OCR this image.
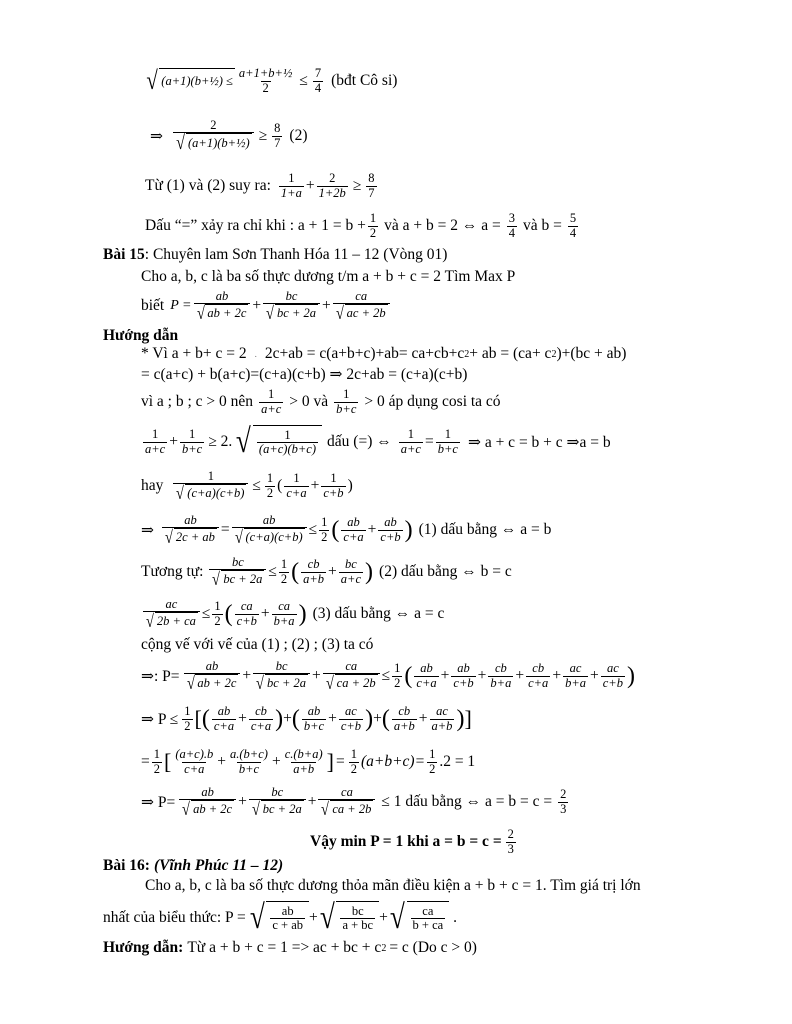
√ (a+1)(b+½) ≤ $\frac{\text{a+1+b+½}}{2} \le \frac{7}{4}$ (bđt Cô si)
⇒ $\frac{2}{\text{√ (a+1)(b+½)}} \ge \frac{8}{7} (2)$
Từ (1) và (2) suy ra: $\frac{1}{1+a} + \frac{2}{1+2b} \ge \frac{8}{7}$
Dấu “=” xảy ra chỉ khi : $a + 1 = b + \frac{1}{2}$ và a + b = 2 ⇔ $a = \frac{3}{4}$ và $b = \frac{5}{4}$
Bài 15 : Chuyên lam Sơn Thanh Hóa 11 – 12 (Vòng 01)
Cho a, b, c là ba số thực dương t/m a + b + c = 2 Tìm Max P
biết $P = \frac{ab}{√ ab + 2c} + \frac{bc}{√ bc + 2a} + \frac{ca}{√ ac + 2b}$
Hướng dẫn
* Vì a + b+ c = 2 . 2c+ab = c(a+b+c)+ab= ca+cb+c 2 + ab = (ca+ c 2 )+(bc + ab)
= c(a+c) + b(a+c)=(c+a)(c+b) ⇒ 2c+ab = (c+a)(c+b)
vì a ; b ; c > 0 nên $\frac{1}{a+c} > 0$ và $\frac{1}{b+c} > 0$ áp dụng cosi ta có
$\frac{1}{a+c} + \frac{1}{b+c} \ge 2$. √ $\frac{1}{(a+c)(b+c)}$ dấu (=) ⇔ $\frac{1}{a+c} = \frac{1}{b+c}$ ⇒ a + c = b + c ⇒a = b
hay $\frac{1}{√ (c+a)(c+b)} \le \frac{1}{2}$ ( $\frac{1}{c+a} + \frac{1}{c+b}$ )
⇒ $\frac{ab}{√ 2c + ab} = \frac{ab}{√ (c+a)(c+b)} \le \frac{1}{2}$ ( $\frac{ab}{c+a} + \frac{ab}{c+b}$ ) (1) dấu bằng ⇔ a = b
Tương tự: $\frac{bc}{√ bc + 2a} \le \frac{1}{2}$ ( $\frac{cb}{a+b} + \frac{bc}{a+c}$ ) (2) dấu bằng ⇔ b = c
$\frac{ac}{√ 2b + ca} \le \frac{1}{2}$ ( $\frac{ca}{c+b} + \frac{ca}{b+a}$ ) (3) dấu bằng ⇔ a = c
cộng vế với vế của (1) ; (2) ; (3) ta có
⇒: $P= \frac{ab}{√ ab + 2c} + \frac{bc}{√ bc + 2a} + \frac{ca}{√ ca + 2b} \le \frac{1}{2}$ ( $\frac{ab}{c+a} + \frac{ab}{c+b} + \frac{cb}{b+a} + \frac{cb}{c+a} + \frac{ac}{b+a} + \frac{ac}{c+b}$ )
⇒ $P \le \frac{1}{2}$ [ ( $\frac{ab}{c+a} + \frac{cb}{c+a}$ ) + ( $\frac{ab}{b+c} + \frac{ac}{c+b}$ ) + ( $\frac{cb}{a+b} + \frac{ac}{a+b}$ ) ]
= $\frac{1}{2}$ [ $\frac{(a+c).b}{c+a} + \frac{a.(b+c)}{b+c} + \frac{c.(b+a)}{a+b}$ ] = $\frac{1}{2} (a+b+c)= \frac{1}{2} .2 = 1$
⇒ $P= \frac{ab}{√ ab + 2c} + \frac{bc}{√ bc + 2a} + \frac{ca}{√ ca + 2b} \le 1$ dấu bằng ⇔ $a = b = c = \frac{2}{3}$
Vậy min P = 1 khi $a = b = c = \frac{2}{3}$
Bài 16: (Vĩnh Phúc 11 – 12)
Cho a, b, c là ba số thực dương thỏa mãn điều kiện a + b + c = 1. Tìm giá trị lớn
nhất của biểu thức: P = √ $\frac{ab}{c + ab}$ + √ $\frac{bc}{a + bc}$ + √ $\frac{ca}{b + ca}$ .
Hướng dẫn: Từ a + b + c = 1 => ac + bc + c 2 = c (Do c > 0)
